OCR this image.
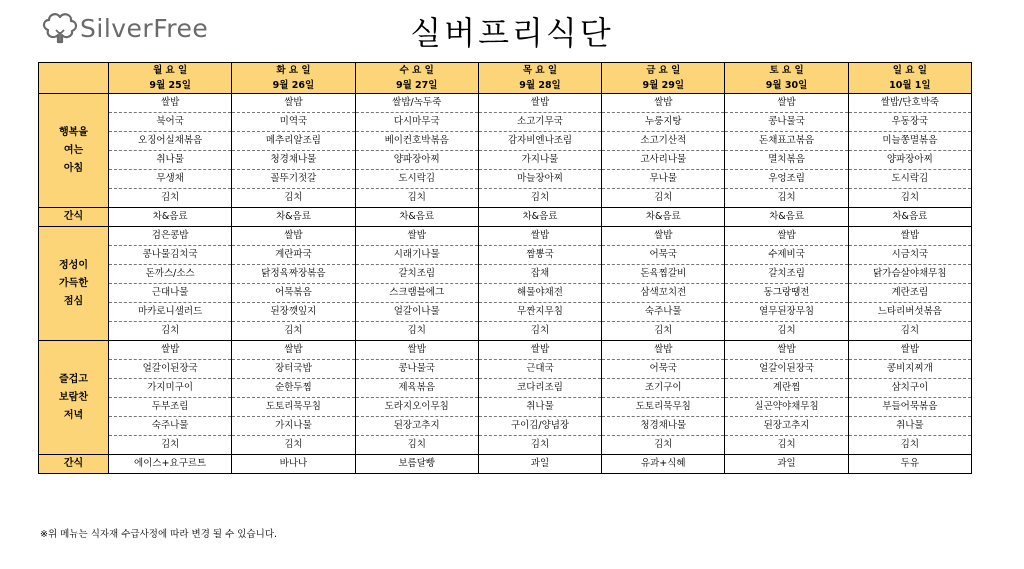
SilverFree	실버프리식단
	월 요 일	화 요 일	수 요 일	목 요 일	금 요 일	토 요 일	일 요 일
	9월 25일	9월 26일	9월 27일	9월 28일	9월 29일	9월 30일	10월 1일

행복을
여는
아침	쌀밥	쌀밥	쌀밥/녹두죽	쌀밥	쌀밥	쌀밥	쌀밥/단호박죽
	북어국	미역국	다시마무국	소고기무국	누룽지탕	콩나물국	우동장국
	오징어실채볶음	메추리알조림	베이컨호박볶음	감자비엔나조림	소고기산적	돈채표고볶음	미늘쫑멸볶음
	취나물	청경채나물	양파장아찌	가지나물	고사리나물	멸치볶음	양파장아찌
	무생채	꼴뚜기젓갈	도시락김	마늘장아찌	무나물	우엉조림	도시락김
	김치	김치	김치	김치	김치	김치	김치
간식	차&음료	차&음료	차&음료	차&음료	차&음료	차&음료	차&음료

정성이
가득한
점심	검은콩밥	쌀밥	쌀밥	쌀밥	쌀밥	쌀밥	쌀밥
	콩나물김치국	계란파국	시래기나물	짬뽕국	어묵국	수제비국	시금치국
	돈까스/소스	닭정육짜장볶음	갈치조림	잡채	돈육찜갈비	갈치조림	닭가슴살야채무침
	근대나물	어묵볶음	스크램블에그	해물야채전	삼색꼬치전	동그랑땡전	계란조림
	마카로니샐러드	된장깻잎지	얼갈이나물	무짠지무침	숙주나물	열무된장무침	느타리버섯볶음
	김치	김치	김치	김치	김치	김치	김치

즐겁고
보람찬
저녁	쌀밥	쌀밥	쌀밥	쌀밥	쌀밥	쌀밥	쌀밥
	얼갈이된장국	장터국밥	콩나물국	근대국	어묵국	얼갈이된장국	콩비지찌개
	가지미구이	순한두찜	제육볶음	코다리조림	조기구이	계란찜	삼치구이
	두부조림	도토리묵무침	도라지오이무침	취나물	도토리묵무침	실곤약야채무침	부들어묵볶음
	숙주나물	가지나물	된장고추지	구이김/양념장	청경채나물	된장고추지	취나물
	김치	김치	김치	김치	김치	김치	김치
간식	에이스+요구르트	바나나	보름달빵	과일	유과+식혜	과일	두유
※위 메뉴는 식자재 수급사정에 따라 변경 될 수 있습니다.
